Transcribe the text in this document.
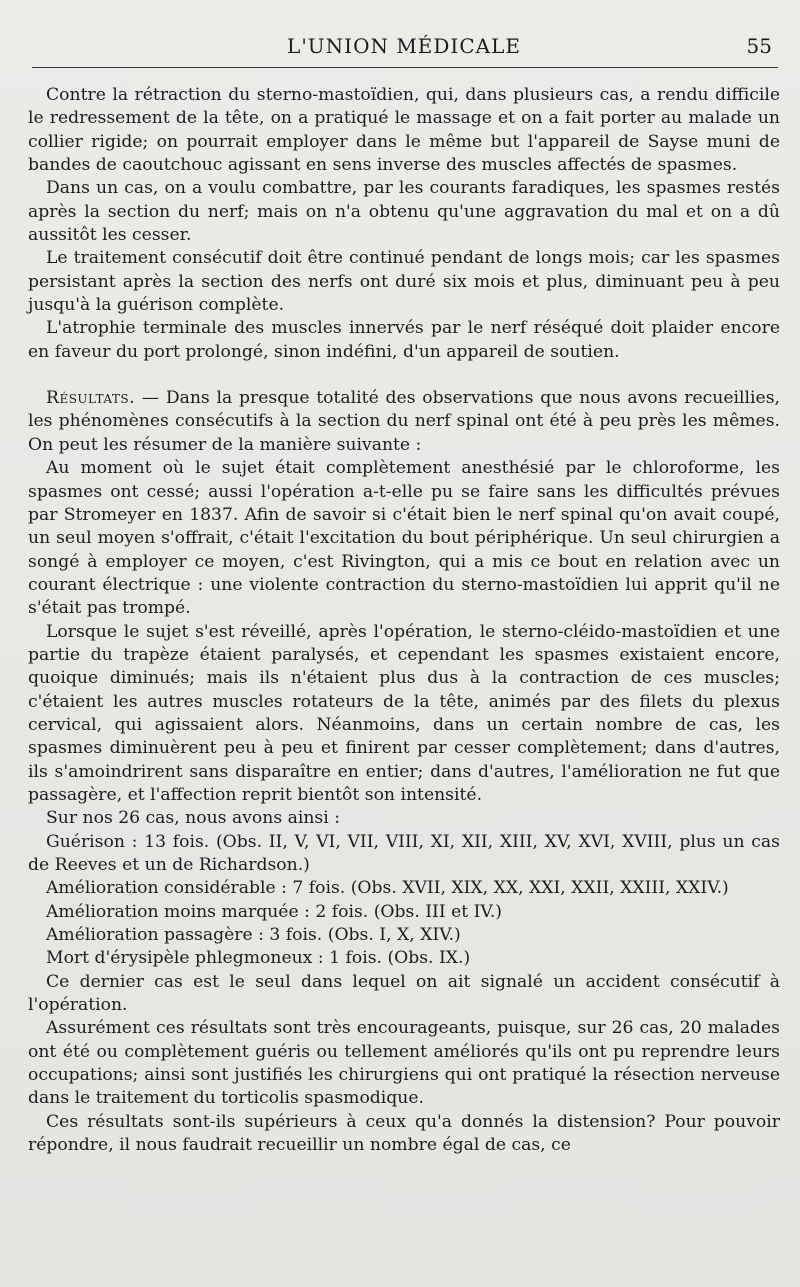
L'UNION MÉDICALE	55

Contre la rétraction du sterno-mastoïdien, qui, dans plusieurs cas, a rendu difficile le redressement de la tête, on a pratiqué le massage et on a fait porter au malade un collier rigide; on pourrait employer dans le même but l'appareil de Sayse muni de bandes de caoutchouc agissant en sens inverse des muscles affectés de spasmes.

Dans un cas, on a voulu combattre, par les courants faradiques, les spasmes restés après la section du nerf; mais on n'a obtenu qu'une aggravation du mal et on a dû aussitôt les cesser.

Le traitement consécutif doit être continué pendant de longs mois; car les spasmes persistant après la section des nerfs ont duré six mois et plus, diminuant peu à peu jusqu'à la guérison complète.

L'atrophie terminale des muscles innervés par le nerf réséqué doit plaider encore en faveur du port prolongé, sinon indéfini, d'un appareil de soutien.

Résultats. — Dans la presque totalité des observations que nous avons recueillies, les phénomènes consécutifs à la section du nerf spinal ont été à peu près les mêmes. On peut les résumer de la manière suivante :

Au moment où le sujet était complètement anesthésié par le chloroforme, les spasmes ont cessé; aussi l'opération a-t-elle pu se faire sans les difficultés prévues par Stromeyer en 1837. Afin de savoir si c'était bien le nerf spinal qu'on avait coupé, un seul moyen s'offrait, c'était l'excitation du bout périphérique. Un seul chirurgien a songé à employer ce moyen, c'est Rivington, qui a mis ce bout en relation avec un courant électrique : une violente contraction du sterno-mastoïdien lui apprit qu'il ne s'était pas trompé.

Lorsque le sujet s'est réveillé, après l'opération, le sterno-cléido-mastoïdien et une partie du trapèze étaient paralysés, et cependant les spasmes existaient encore, quoique diminués; mais ils n'étaient plus dus à la contraction de ces muscles; c'étaient les autres muscles rotateurs de la tête, animés par des filets du plexus cervical, qui agissaient alors. Néanmoins, dans un certain nombre de cas, les spasmes diminuèrent peu à peu et finirent par cesser complètement; dans d'autres, ils s'amoindrirent sans disparaître en entier; dans d'autres, l'amélioration ne fut que passagère, et l'affection reprit bientôt son intensité.

Sur nos 26 cas, nous avons ainsi :

Guérison : 13 fois. (Obs. II, V, VI, VII, VIII, XI, XII, XIII, XV, XVI, XVIII, plus un cas de Reeves et un de Richardson.)

Amélioration considérable : 7 fois. (Obs. XVII, XIX, XX, XXI, XXII, XXIII, XXIV.)

Amélioration moins marquée : 2 fois. (Obs. III et IV.)

Amélioration passagère : 3 fois. (Obs. I, X, XIV.)

Mort d'érysipèle phlegmoneux : 1 fois. (Obs. IX.)

Ce dernier cas est le seul dans lequel on ait signalé un accident consécutif à l'opération.

Assurément ces résultats sont très encourageants, puisque, sur 26 cas, 20 malades ont été ou complètement guéris ou tellement améliorés qu'ils ont pu reprendre leurs occupations; ainsi sont justifiés les chirurgiens qui ont pratiqué la résection nerveuse dans le traitement du torticolis spasmodique.

Ces résultats sont-ils supérieurs à ceux qu'a donnés la distension? Pour pouvoir répondre, il nous faudrait recueillir un nombre égal de cas, ce
